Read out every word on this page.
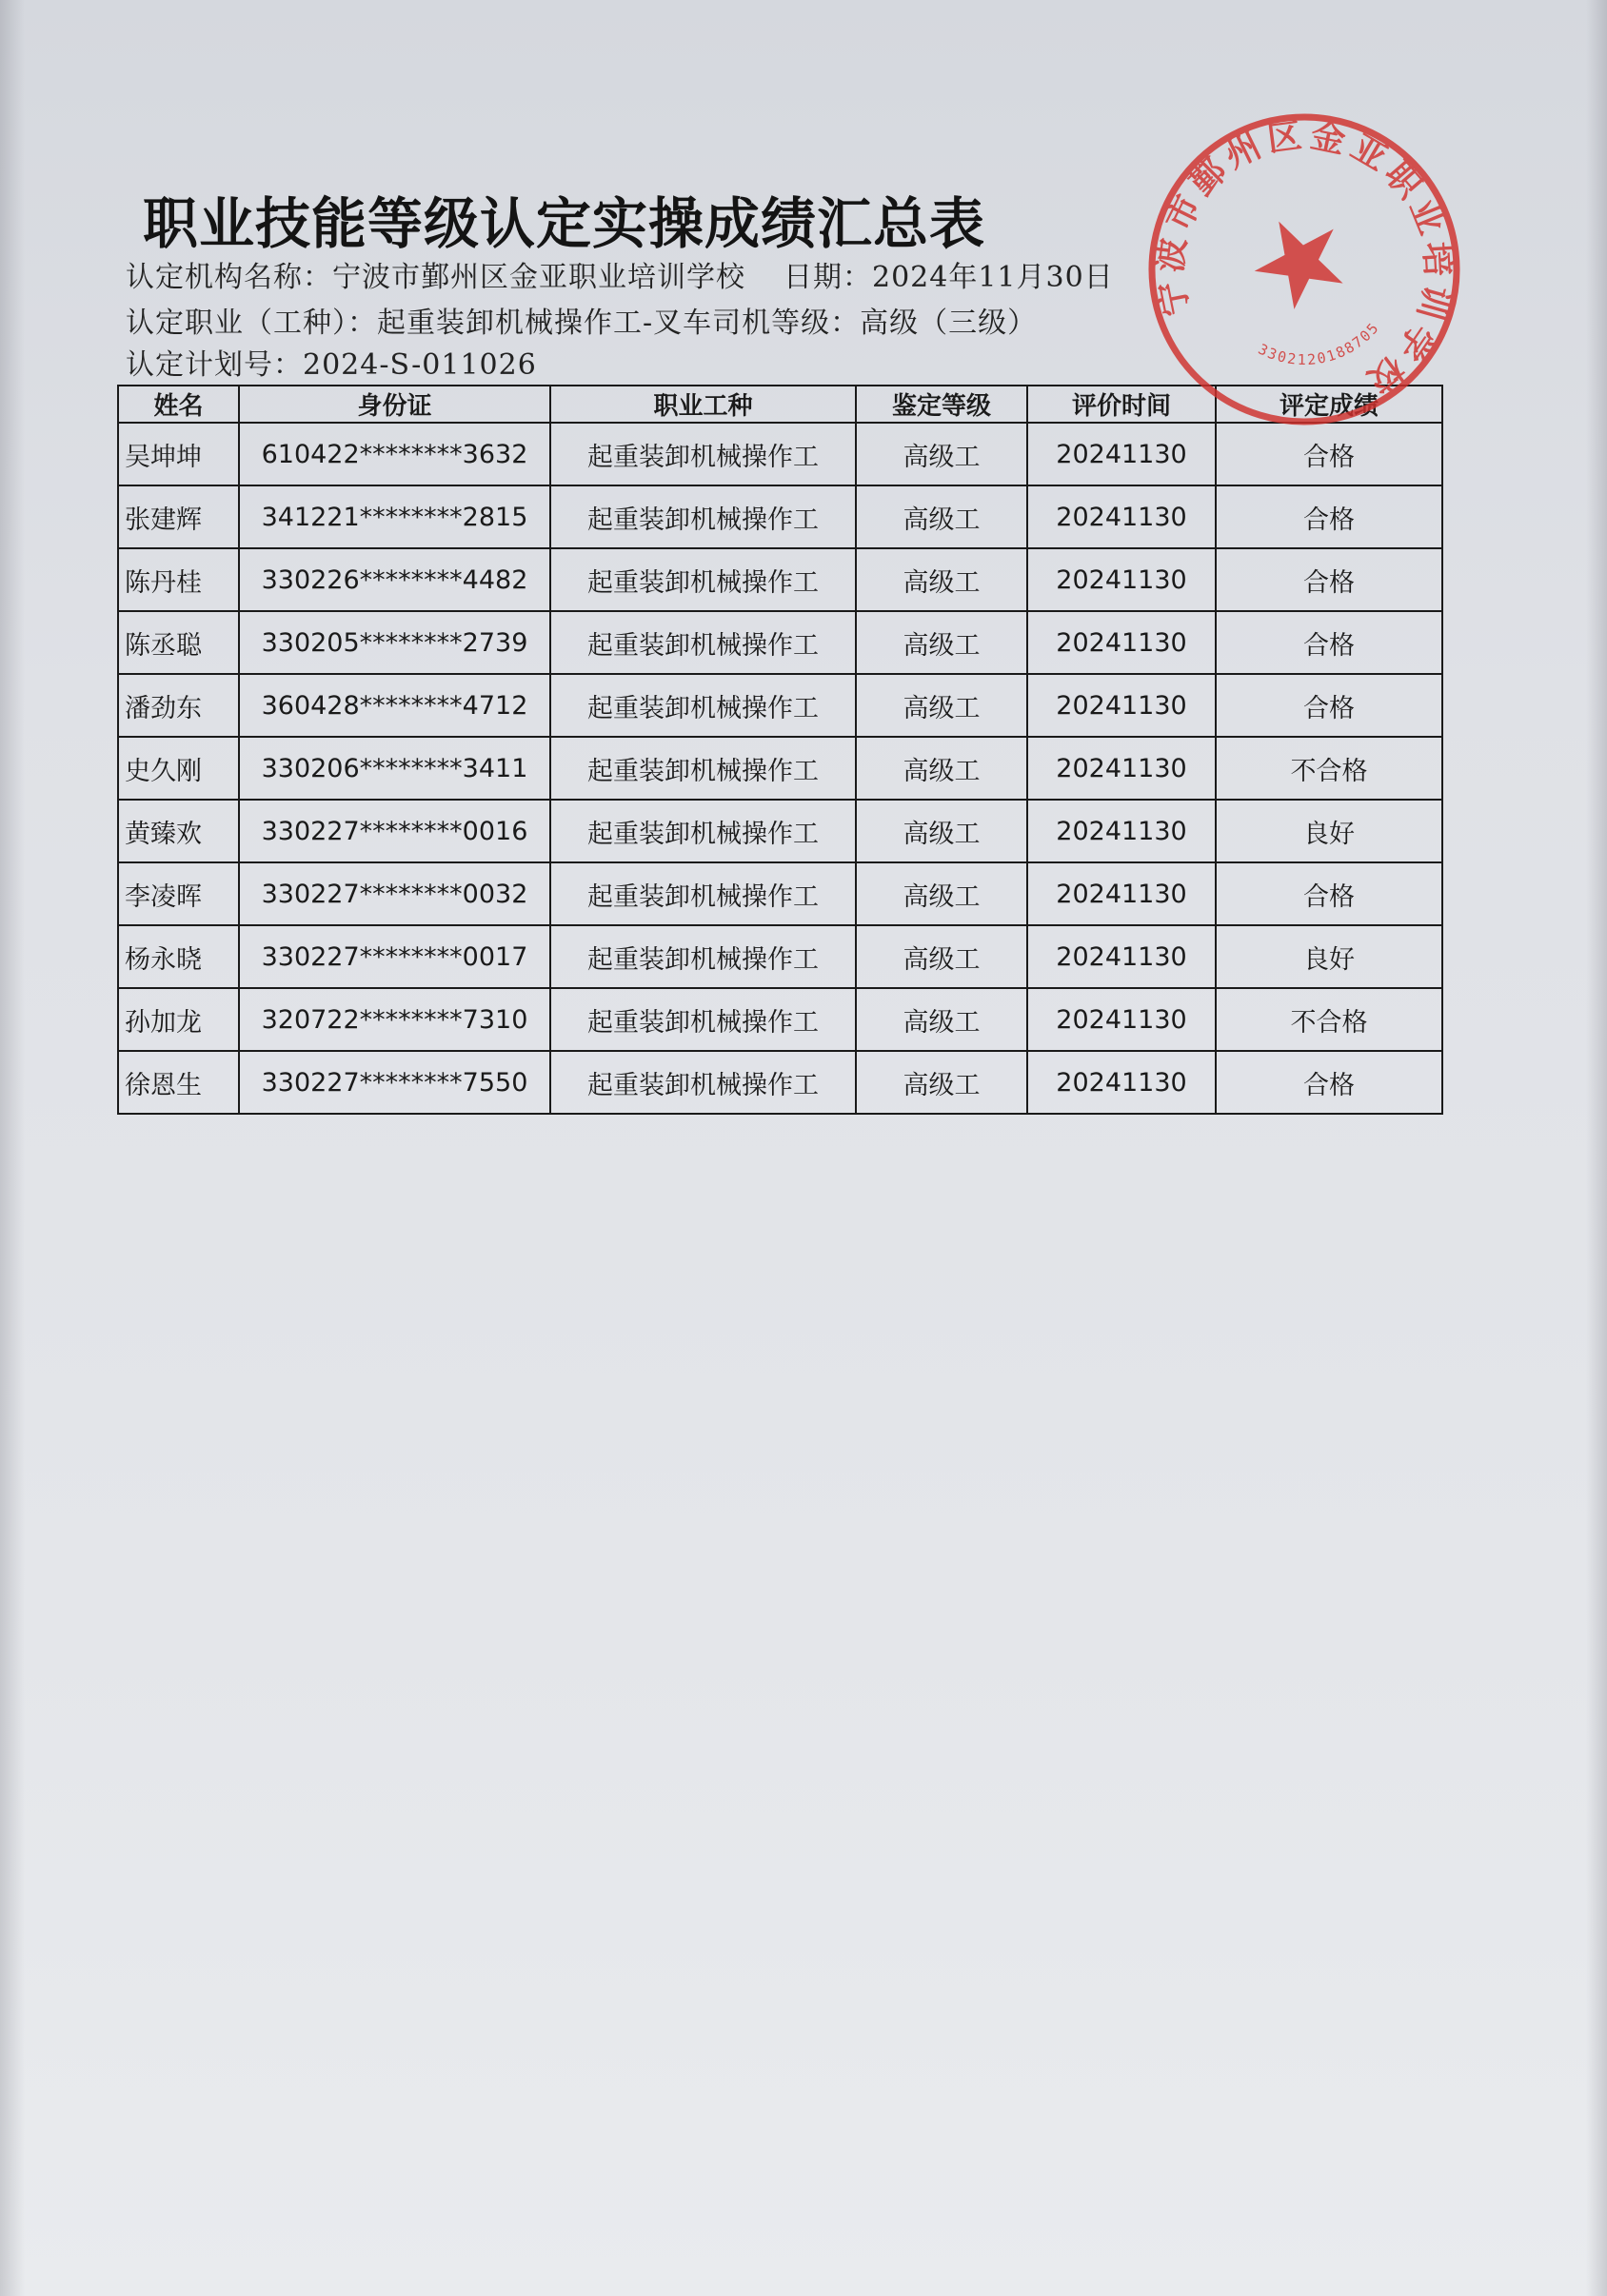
职业技能等级认定实操成绩汇总表
认定机构名称：宁波市鄞州区金亚职业培训学校 日期：2024年11月30日
认定职业（工种）：起重装卸机械操作工-叉车司机等级：高级（三级）
认定计划号：2024-S-011026
姓名	身份证	职业工种	鉴定等级	评价时间	评定成绩
吴坤坤	610422********3632	起重装卸机械操作工	高级工	20241130	合格
张建辉	341221********2815	起重装卸机械操作工	高级工	20241130	合格
陈丹桂	330226********4482	起重装卸机械操作工	高级工	20241130	合格
陈丞聪	330205********2739	起重装卸机械操作工	高级工	20241130	合格
潘劲东	360428********4712	起重装卸机械操作工	高级工	20241130	合格
史久刚	330206********3411	起重装卸机械操作工	高级工	20241130	不合格
黄臻欢	330227********0016	起重装卸机械操作工	高级工	20241130	良好
李凌晖	330227********0032	起重装卸机械操作工	高级工	20241130	合格
杨永晓	330227********0017	起重装卸机械操作工	高级工	20241130	良好
孙加龙	320722********7310	起重装卸机械操作工	高级工	20241130	不合格
徐恩生	330227********7550	起重装卸机械操作工	高级工	20241130	合格
宁波市鄞州区金亚职业培训学校
3302120188705
